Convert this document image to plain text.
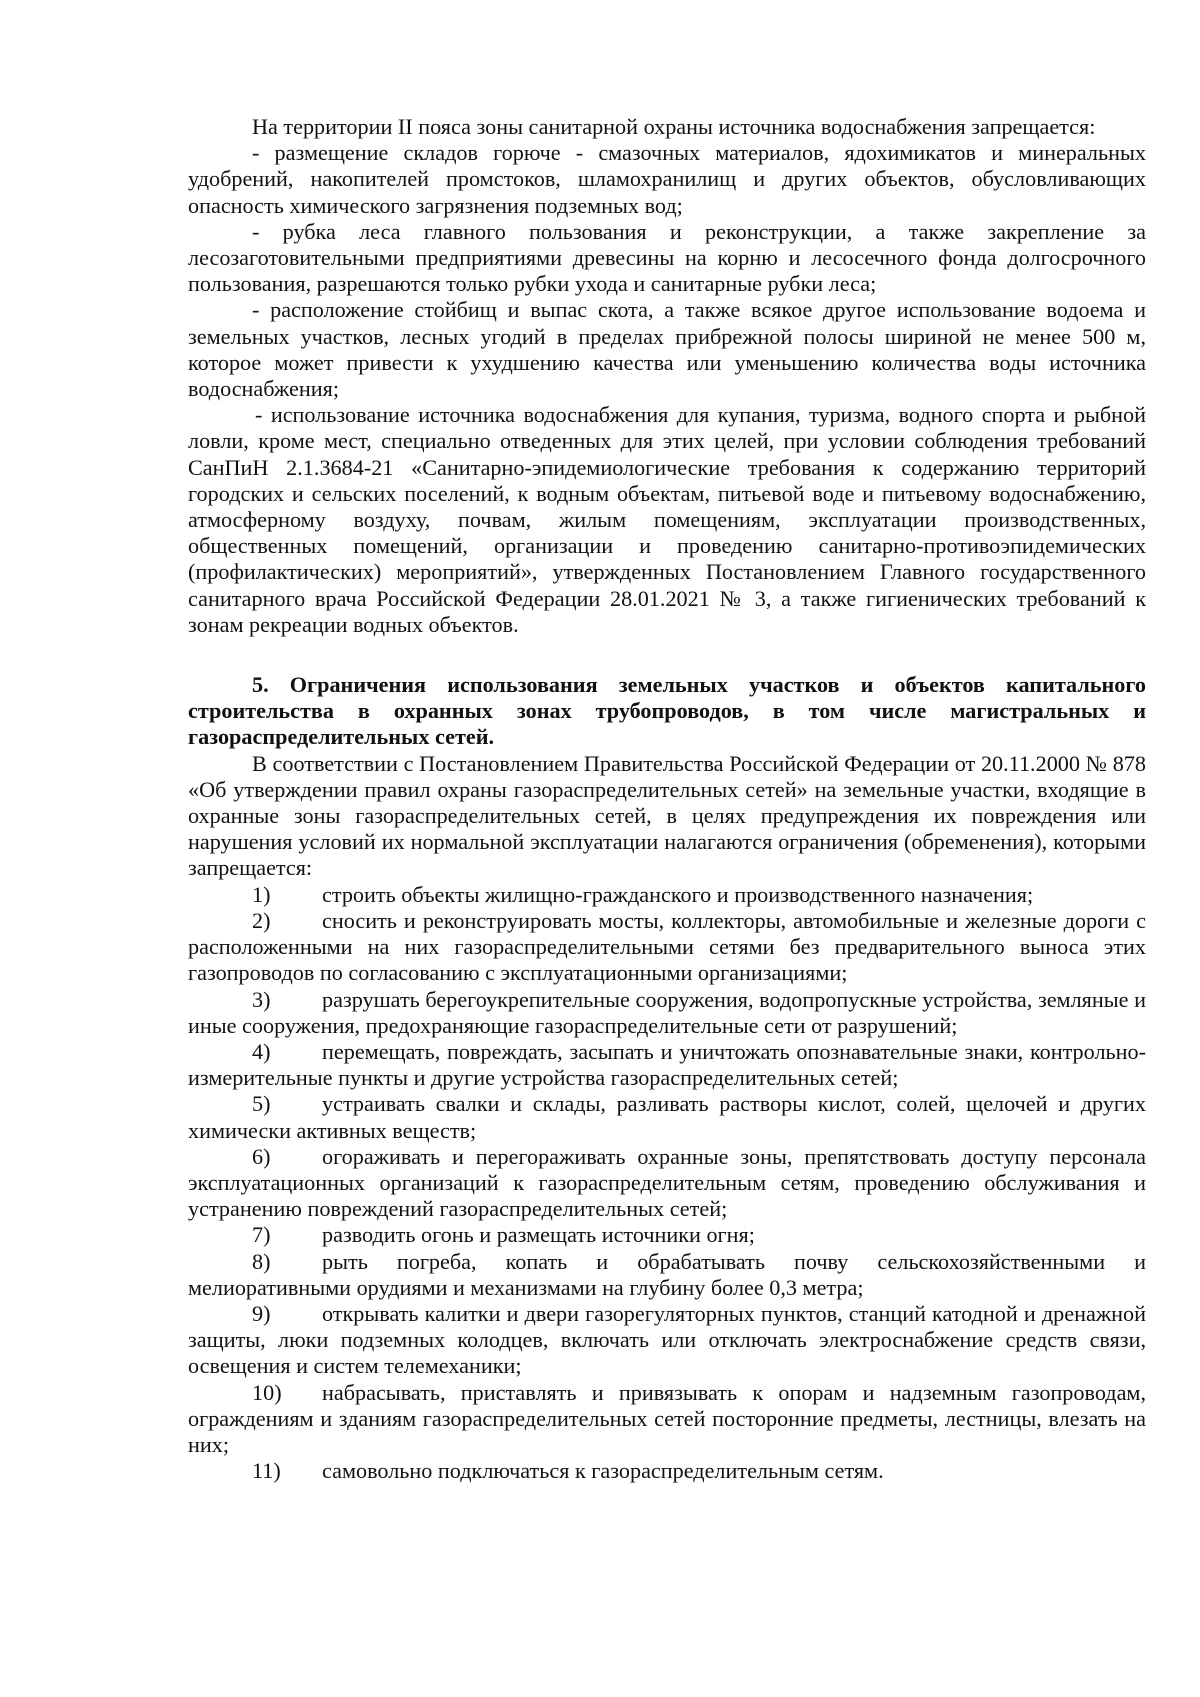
На территории II пояса зоны санитарной охраны источника водоснабжения запрещается:

- размещение складов горюче - смазочных материалов, ядохимикатов и минеральных удобрений, накопителей промстоков, шламохранилищ и других объектов, обусловливающих опасность химического загрязнения подземных вод;

- рубка леса главного пользования и реконструкции, а также закрепление за лесозаготовительными предприятиями древесины на корню и лесосечного фонда долгосрочного пользования, разрешаются только рубки ухода и санитарные рубки леса;

- расположение стойбищ и выпас скота, а также всякое другое использование водоема и земельных участков, лесных угодий в пределах прибрежной полосы шириной не менее 500 м, которое может привести к ухудшению качества или уменьшению количества воды источника водоснабжения;

- использование источника водоснабжения для купания, туризма, водного спорта и рыбной ловли, кроме мест, специально отведенных для этих целей, при условии соблюдения требований СанПиН 2.1.3684-21 «Санитарно-эпидемиологические требования к содержанию территорий городских и сельских поселений, к водным объектам, питьевой воде и питьевому водоснабжению, атмосферному воздуху, почвам, жилым помещениям, эксплуатации производственных, общественных помещений, организации и проведению санитарно-противоэпидемических (профилактических) мероприятий», утвержденных Постановлением Главного государственного санитарного врача Российской Федерации 28.01.2021 № 3, а также гигиенических требований к зонам рекреации водных объектов.

5. Ограничения использования земельных участков и объектов капитального строительства в охранных зонах трубопроводов, в том числе магистральных и газораспределительных сетей.

В соответствии с Постановлением Правительства Российской Федерации от 20.11.2000 № 878 «Об утверждении правил охраны газораспределительных сетей» на земельные участки, входящие в охранные зоны газораспределительных сетей, в целях предупреждения их повреждения или нарушения условий их нормальной эксплуатации налагаются ограничения (обременения), которыми запрещается:

1) строить объекты жилищно-гражданского и производственного назначения;

2) сносить и реконструировать мосты, коллекторы, автомобильные и железные дороги с расположенными на них газораспределительными сетями без предварительного выноса этих газопроводов по согласованию с эксплуатационными организациями;

3) разрушать берегоукрепительные сооружения, водопропускные устройства, земляные и иные сооружения, предохраняющие газораспределительные сети от разрушений;

4) перемещать, повреждать, засыпать и уничтожать опознавательные знаки, контрольно-измерительные пункты и другие устройства газораспределительных сетей;

5) устраивать свалки и склады, разливать растворы кислот, солей, щелочей и других химически активных веществ;

6) огораживать и перегораживать охранные зоны, препятствовать доступу персонала эксплуатационных организаций к газораспределительным сетям, проведению обслуживания и устранению повреждений газораспределительных сетей;

7) разводить огонь и размещать источники огня;

8) рыть погреба, копать и обрабатывать почву сельскохозяйственными и мелиоративными орудиями и механизмами на глубину более 0,3 метра;

9) открывать калитки и двери газорегуляторных пунктов, станций катодной и дренажной защиты, люки подземных колодцев, включать или отключать электроснабжение средств связи, освещения и систем телемеханики;

10) набрасывать, приставлять и привязывать к опорам и надземным газопроводам, ограждениям и зданиям газораспределительных сетей посторонние предметы, лестницы, влезать на них;

11) самовольно подключаться к газораспределительным сетям.
